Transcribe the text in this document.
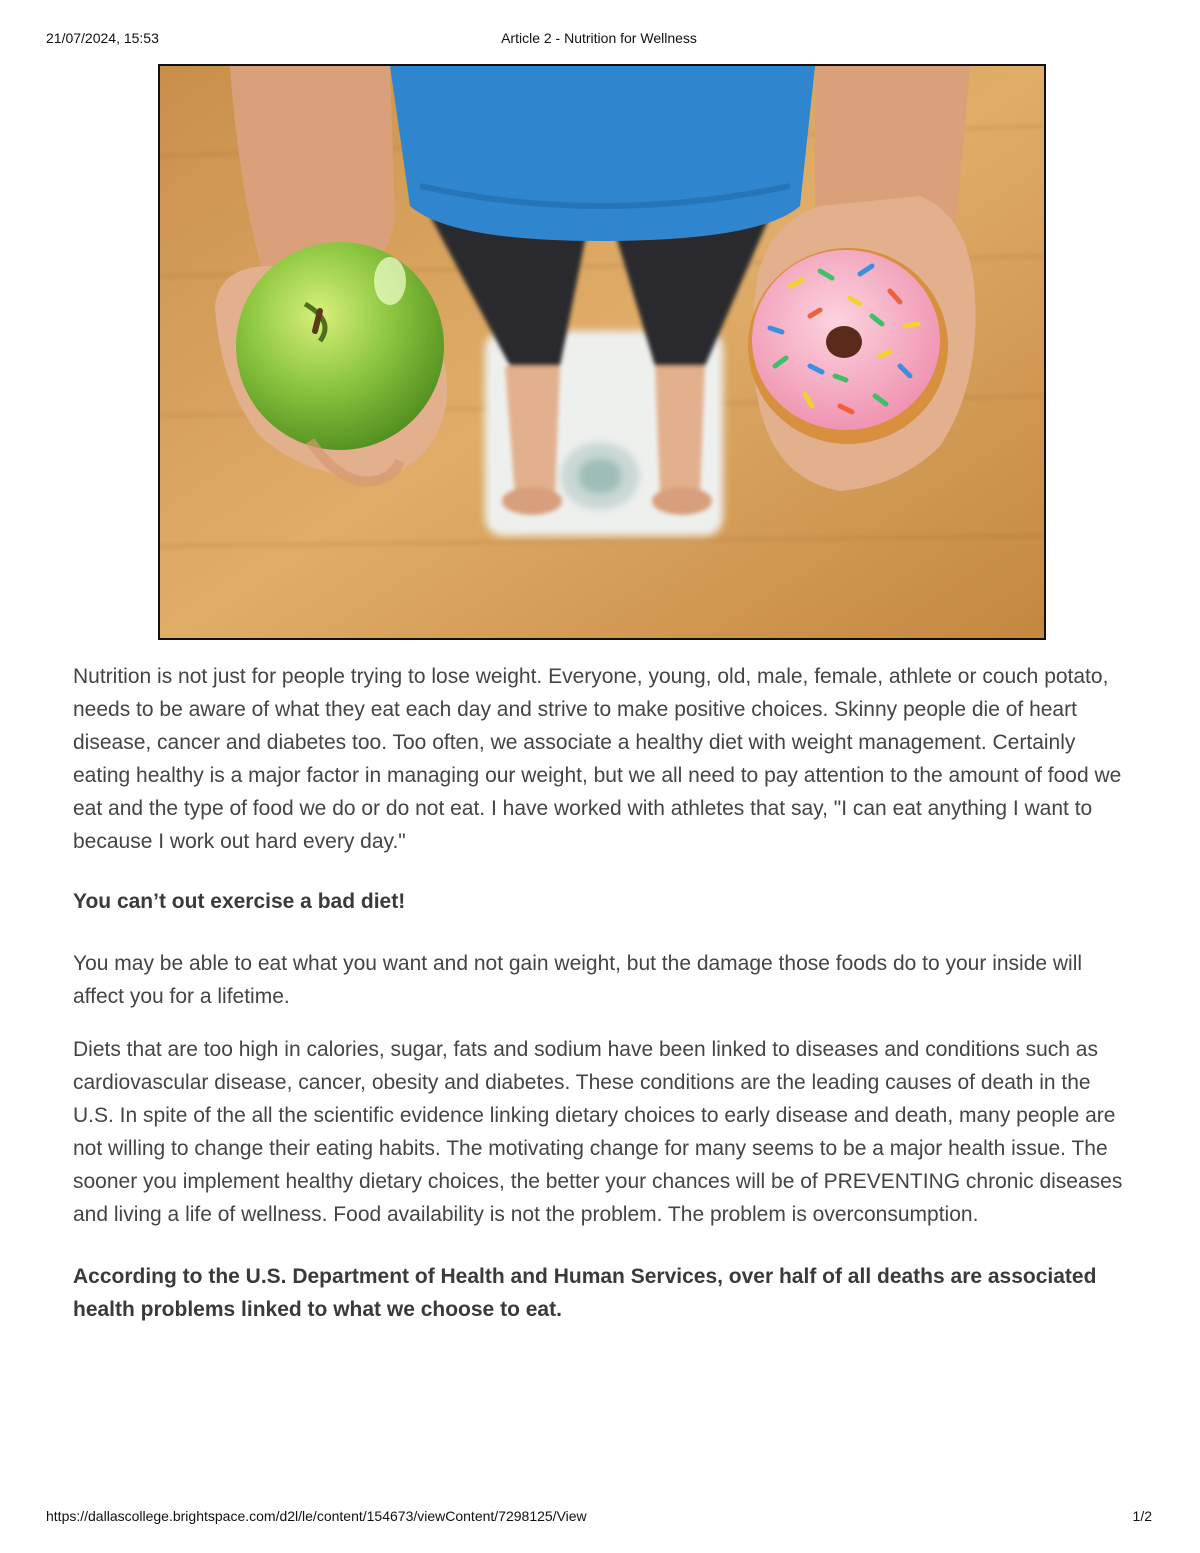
21/07/2024, 15:53	Article 2 - Nutrition for Wellness

Nutrition is not just for people trying to lose weight. Everyone, young, old, male, female, athlete or couch potato, needs to be aware of what they eat each day and strive to make positive choices. Skinny people die of heart disease, cancer and diabetes too. Too often, we associate a healthy diet with weight management. Certainly eating healthy is a major factor in managing our weight, but we all need to pay attention to the amount of food we eat and the type of food we do or do not eat. I have worked with athletes that say, "I can eat anything I want to because I work out hard every day."

You can’t out exercise a bad diet!

You may be able to eat what you want and not gain weight, but the damage those foods do to your inside will affect you for a lifetime.

Diets that are too high in calories, sugar, fats and sodium have been linked to diseases and conditions such as cardiovascular disease, cancer, obesity and diabetes. These conditions are the leading causes of death in the U.S. In spite of the all the scientific evidence linking dietary choices to early disease and death, many people are not willing to change their eating habits. The motivating change for many seems to be a major health issue. The sooner you implement healthy dietary choices, the better your chances will be of PREVENTING chronic diseases and living a life of wellness. Food availability is not the problem. The problem is overconsumption.

According to the U.S. Department of Health and Human Services, over half of all deaths are associated health problems linked to what we choose to eat.

https://dallascollege.brightspace.com/d2l/le/content/154673/viewContent/7298125/View	1/2
